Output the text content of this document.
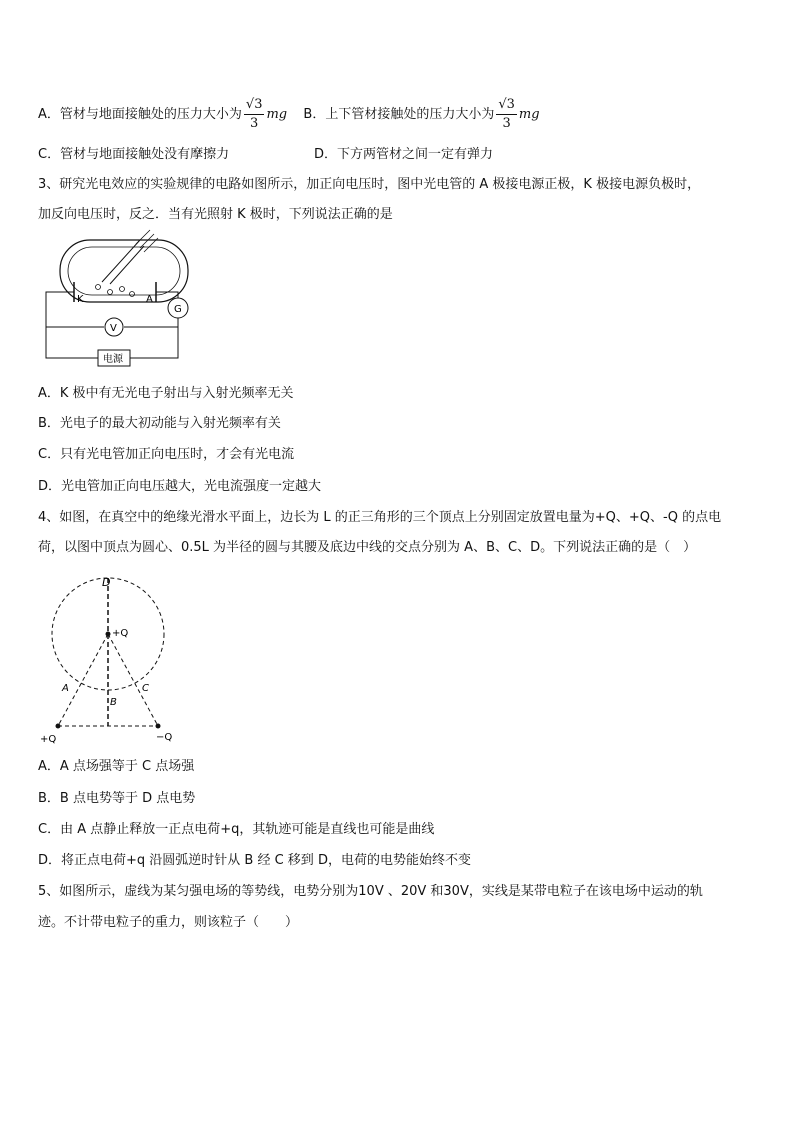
A．管材与地面接触处的压力大小为 $\frac{√3}{3}$ mg B．上下管材接触处的压力大小为 $\frac{√3}{3}$ mg
C．管材与地面接触处没有摩擦力	D．下方两管材之间一定有弹力
3、研究光电效应的实验规律的电路如图所示，加正向电压时，图中光电管的 A 极接电源正极，K 极接电源负极时，
加反向电压时，反之．当有光照射 K 极时，下列说法正确的是
K	A
G
V
电源
A．K 极中有无光电子射出与入射光频率无关
B．光电子的最大初动能与入射光频率有关
C．只有光电管加正向电压时，才会有光电流
D．光电管加正向电压越大，光电流强度一定越大
4、如图，在真空中的绝缘光滑水平面上，边长为 L 的正三角形的三个顶点上分别固定放置电量为+Q、+Q、-Q 的点电
荷，以图中顶点为圆心、0.5L 为半径的圆与其腰及底边中线的交点分别为 A、B、C、D。下列说法正确的是（　）
D
+Q
A
B
C
+Q	−Q
A．A 点场强等于 C 点场强
B．B 点电势等于 D 点电势
C．由 A 点静止释放一正点电荷+q，其轨迹可能是直线也可能是曲线
D．将正点电荷+q 沿圆弧逆时针从 B 经 C 移到 D，电荷的电势能始终不变
5、如图所示，虚线为某匀强电场的等势线，电势分别为10V 、20V 和30V，实线是某带电粒子在该电场中运动的轨
迹。不计带电粒子的重力，则该粒子（　　）
